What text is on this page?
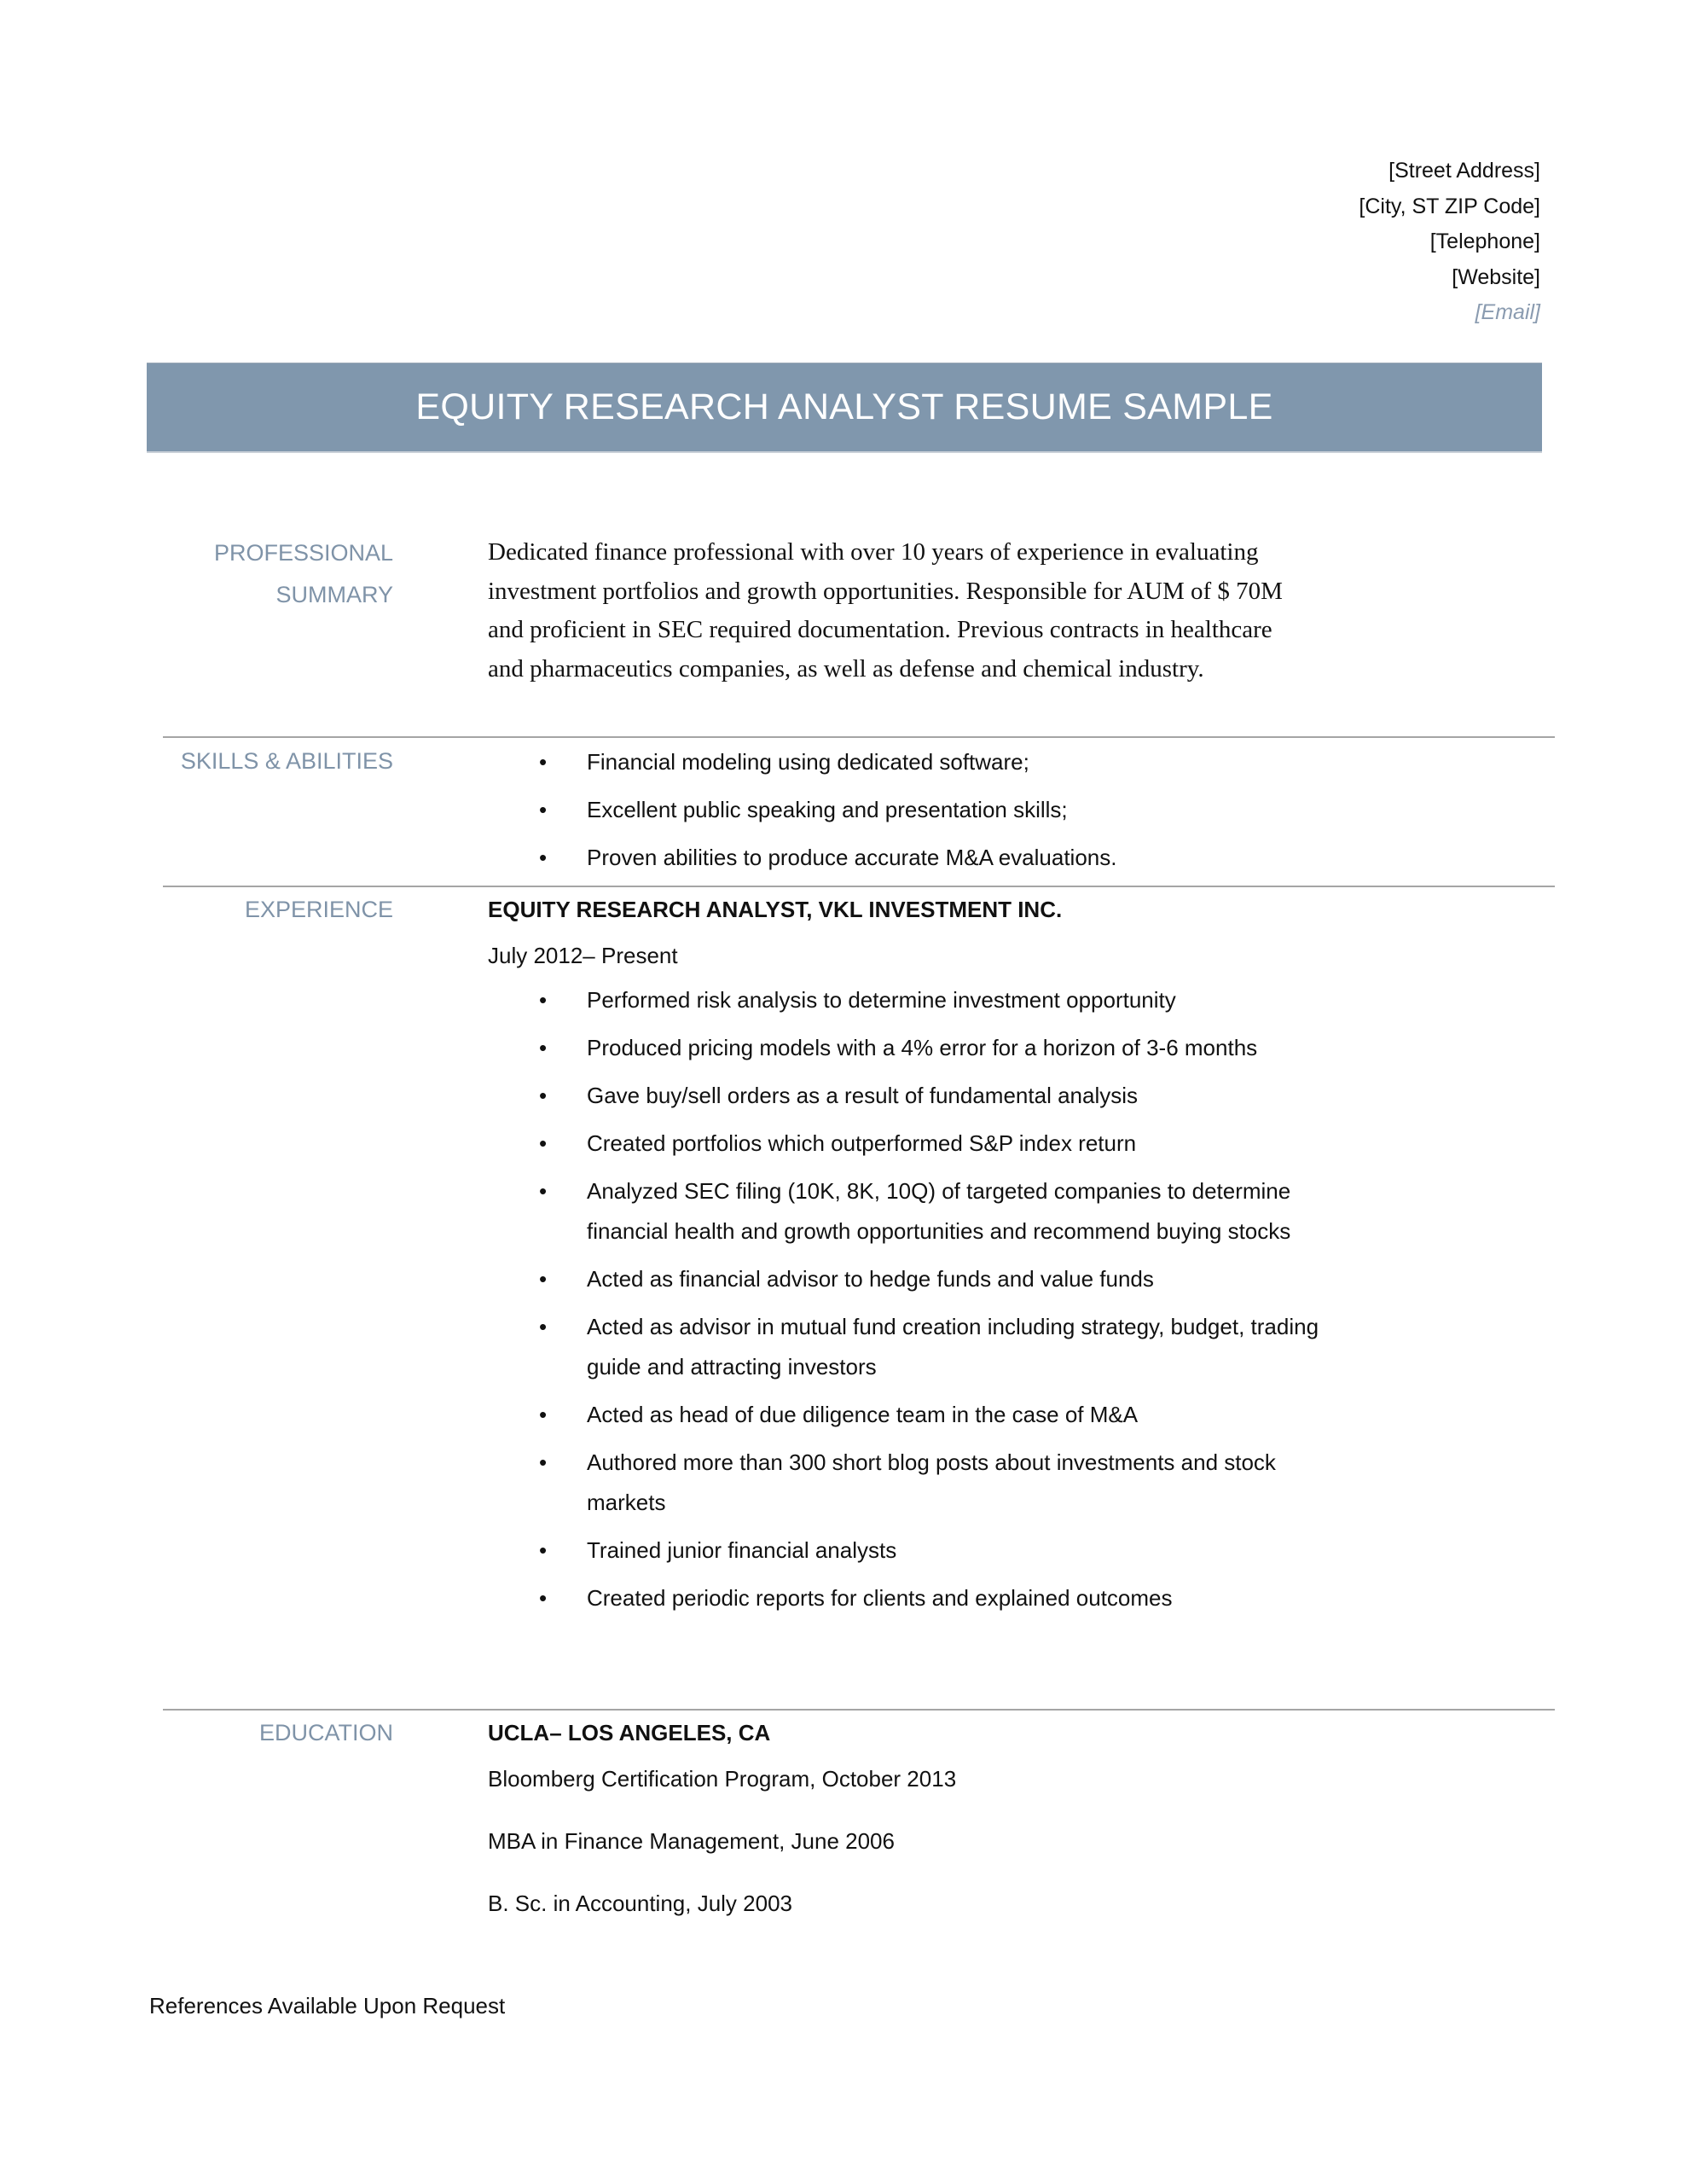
[Street Address]
[City, ST ZIP Code]
[Telephone]
[Website]
[Email]
EQUITY RESEARCH ANALYST RESUME SAMPLE
PROFESSIONAL
SUMMARY
Dedicated finance professional with over 10 years of experience in evaluating investment portfolios and growth opportunities. Responsible for AUM of $ 70M and proficient in SEC required documentation. Previous contracts in healthcare and pharmaceutics companies, as well as defense and chemical industry.
SKILLS & ABILITIES	• Financial modeling using dedicated software;
• Excellent public speaking and presentation skills;
• Proven abilities to produce accurate M&A evaluations.
EXPERIENCE	EQUITY RESEARCH ANALYST, VKL INVESTMENT INC.
July 2012– Present
• Performed risk analysis to determine investment opportunity
• Produced pricing models with a 4% error for a horizon of 3-6 months
• Gave buy/sell orders as a result of fundamental analysis
• Created portfolios which outperformed S&P index return
• Analyzed SEC filing (10K, 8K, 10Q) of targeted companies to determine financial health and growth opportunities and recommend buying stocks
• Acted as financial advisor to hedge funds and value funds
• Acted as advisor in mutual fund creation including strategy, budget, trading guide and attracting investors
• Acted as head of due diligence team in the case of M&A
• Authored more than 300 short blog posts about investments and stock markets
• Trained junior financial analysts
• Created periodic reports for clients and explained outcomes
EDUCATION	UCLA– LOS ANGELES, CA

Bloomberg Certification Program, October 2013

MBA in Finance Management, June 2006

B. Sc. in Accounting, July 2003

References Available Upon Request
